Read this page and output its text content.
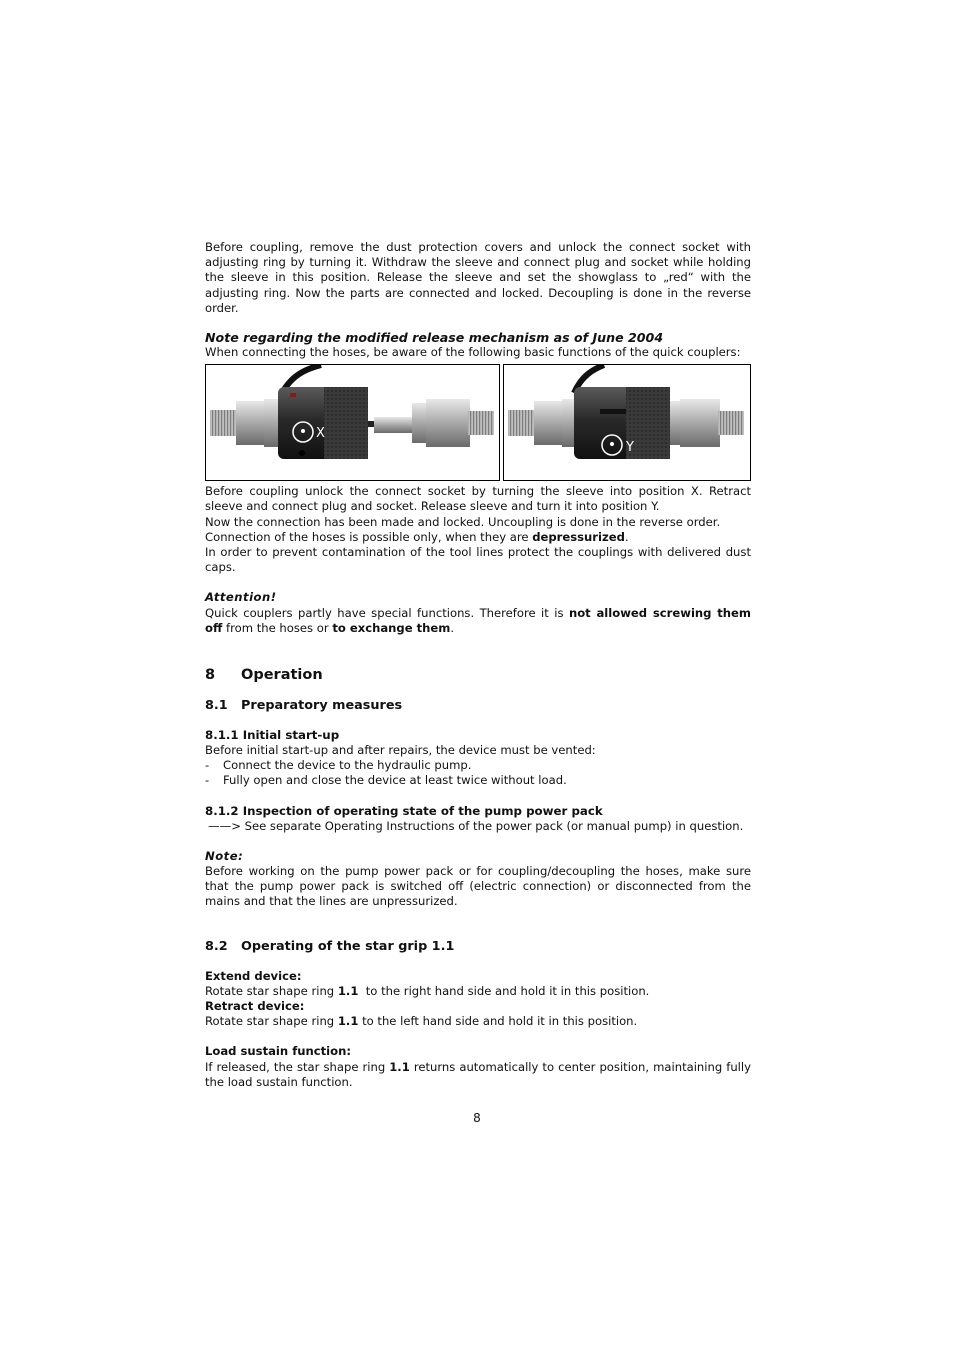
Before coupling, remove the dust protection covers and unlock the connect socket with adjusting ring by turning it. Withdraw the sleeve and connect plug and socket while holding the sleeve in this position. Release the sleeve and set the showglass to „red“ with the adjusting ring. Now the parts are connected and locked. Decoupling is done in the reverse order.

Note regarding the modified release mechanism as of June 2004

When connecting the hoses, be aware of the following basic functions of the quick couplers:

X
Y

Before coupling unlock the connect socket by turning the sleeve into position X. Retract sleeve and connect plug and socket. Release sleeve and turn it into position Y.

Now the connection has been made and locked. Uncoupling is done in the reverse order.

Connection of the hoses is possible only, when they are depressurized.

In order to prevent contamination of the tool lines protect the couplings with delivered dust caps.

Attention!

Quick couplers partly have special functions. Therefore it is not allowed screwing them off from the hoses or to exchange them.

8 Operation
8.1 Preparatory measures
8.1.1 Initial start-up

Before initial start-up and after repairs, the device must be vented:

-	Connect the device to the hydraulic pump.
-	Fully open and close the device at least twice without load.
8.1.2 Inspection of operating state of the pump power pack

——> See separate Operating Instructions of the power pack (or manual pump) in question.

Note:

Before working on the pump power pack or for coupling/decoupling the hoses, make sure that the pump power pack is switched off (electric connection) or disconnected from the mains and that the lines are unpressurized.

8.2 Operating of the star grip 1.1
Extend device:

Rotate star shape ring 1.1  to the right hand side and hold it in this position.

Retract device:

Rotate star shape ring 1.1 to the left hand side and hold it in this position.

Load sustain function:

If released, the star shape ring 1.1 returns automatically to center position, maintaining fully the load sustain function.

8
